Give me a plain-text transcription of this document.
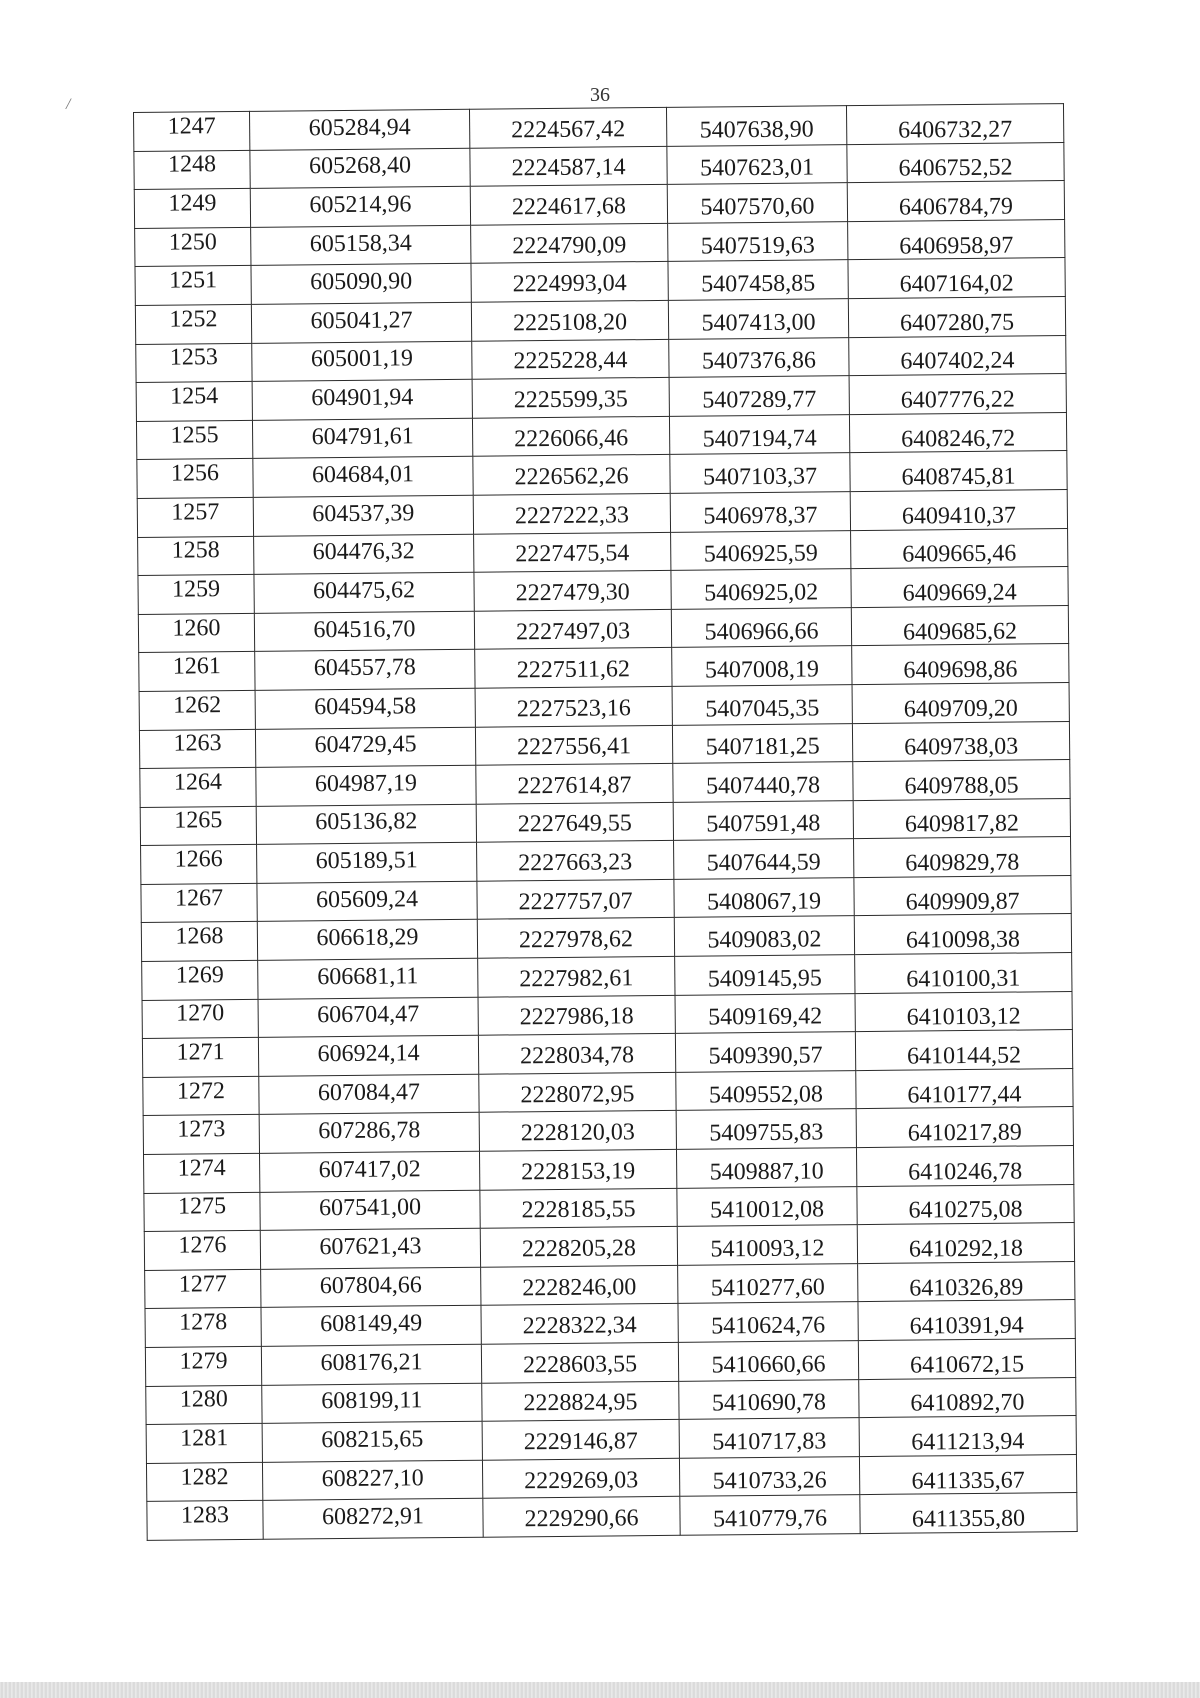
/	36
1247	605284,94	2224567,42	5407638,90	6406732,27
1248	605268,40	2224587,14	5407623,01	6406752,52
1249	605214,96	2224617,68	5407570,60	6406784,79
1250	605158,34	2224790,09	5407519,63	6406958,97
1251	605090,90	2224993,04	5407458,85	6407164,02
1252	605041,27	2225108,20	5407413,00	6407280,75
1253	605001,19	2225228,44	5407376,86	6407402,24
1254	604901,94	2225599,35	5407289,77	6407776,22
1255	604791,61	2226066,46	5407194,74	6408246,72
1256	604684,01	2226562,26	5407103,37	6408745,81
1257	604537,39	2227222,33	5406978,37	6409410,37
1258	604476,32	2227475,54	5406925,59	6409665,46
1259	604475,62	2227479,30	5406925,02	6409669,24
1260	604516,70	2227497,03	5406966,66	6409685,62
1261	604557,78	2227511,62	5407008,19	6409698,86
1262	604594,58	2227523,16	5407045,35	6409709,20
1263	604729,45	2227556,41	5407181,25	6409738,03
1264	604987,19	2227614,87	5407440,78	6409788,05
1265	605136,82	2227649,55	5407591,48	6409817,82
1266	605189,51	2227663,23	5407644,59	6409829,78
1267	605609,24	2227757,07	5408067,19	6409909,87
1268	606618,29	2227978,62	5409083,02	6410098,38
1269	606681,11	2227982,61	5409145,95	6410100,31
1270	606704,47	2227986,18	5409169,42	6410103,12
1271	606924,14	2228034,78	5409390,57	6410144,52
1272	607084,47	2228072,95	5409552,08	6410177,44
1273	607286,78	2228120,03	5409755,83	6410217,89
1274	607417,02	2228153,19	5409887,10	6410246,78
1275	607541,00	2228185,55	5410012,08	6410275,08
1276	607621,43	2228205,28	5410093,12	6410292,18
1277	607804,66	2228246,00	5410277,60	6410326,89
1278	608149,49	2228322,34	5410624,76	6410391,94
1279	608176,21	2228603,55	5410660,66	6410672,15
1280	608199,11	2228824,95	5410690,78	6410892,70
1281	608215,65	2229146,87	5410717,83	6411213,94
1282	608227,10	2229269,03	5410733,26	6411335,67
1283	608272,91	2229290,66	5410779,76	6411355,80
